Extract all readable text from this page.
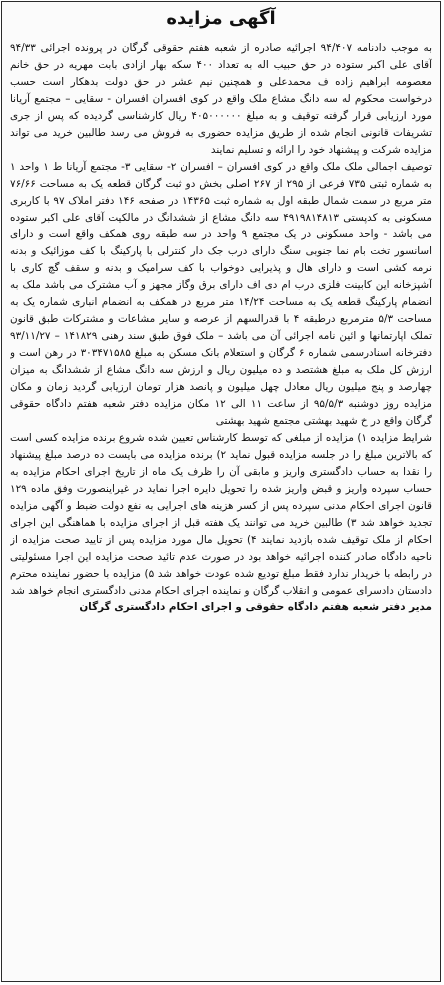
آگهی مزایده

به موجب دادنامه ۹۴/۴۰۷ اجرائیه صادره از شعبه هفتم حقوقی گرگان در پرونده اجرائی ۹۴/۳۳ آقای علی اکبر ستوده در حق حبیب اله به تعداد ۴۰۰ سکه بهار ازادی بابت مهریه در حق خانم معصومه ابراهیم زاده ف محمدعلی و همچنین نیم عشر در حق دولت بدهکار است حسب درخواست محکوم له سه دانگ مشاع ملک واقع در کوی افسران افسران - سقایی – مجتمع آریانا مورد ارزیابی قرار گرفته توقیف و به مبلغ ۴۰۵۰۰۰۰۰۰ ریال کارشناسی گردیده که پس از جری تشریفات قانونی انجام شده از طریق مزایده حضوری به فروش می رسد طالبین خرید می تواند مزایده شرکت و پیشنهاد خود را ارائه و تسلیم نمایند

توصیف اجمالی ملک ملک واقع در کوی افسران – افسران ۲- سقایی ۳- مجتمع آریانا ط ۱ واحد ۱ به شماره ثبتی ۷۳۵ فرعی از ۲۹۵ از ۲۶۷ اصلی بخش دو ثبت گرگان قطعه یک به مساحت ۷۶/۶۶ متر مربع در سمت شمال طبقه اول به شماره ثبت ۱۴۳۶۵ در صفحه ۱۴۶ دفتر املاک ۹۷ با کاربری مسکونی به کدپستی ۴۹۱۹۸۱۴۸۱۳ سه دانگ مشاع از ششدانگ در مالکیت آقای علی اکبر ستوده می باشد - واحد مسکونی در یک مجتمع ۹ واحد در سه طبقه روی همکف واقع است و دارای اسانسور تخت بام نما جنوبی سنگ دارای درب جک دار کنترلی با پارکینگ با کف موزائیک و بدنه نرمه کشی است و دارای هال و پذیرایی دوخواب با کف سرامیک و بدنه و سقف گچ کاری با آشپزخانه این کابینت فلزی درب ام دی اف دارای برق وگاز مجهز و آب مشترک می باشد ملک به انضمام پارکینگ قطعه یک به مساحت ۱۴/۲۴ متر مربع در همکف به انضمام انباری شماره یک به مساحت ۵/۳ مترمربع درطبقه ۴ با قدرالسهم از عرصه و سایر مشاعات و مشترکات طبق قانون تملک اپارتمانها و ائین نامه اجرائی آن می باشد – ملک فوق طبق سند رهنی ۱۴۱۸۲۹ – ۹۳/۱۱/۲۷ دفترخانه اسنادرسمی شماره ۶ گرگان و استعلام بانک مسکن به مبلغ ۳۰۳۴۷۱۵۸۵ در رهن است و ارزش کل ملک به مبلغ هشتصد و ده میلیون ریال و ارزش سه دانگ مشاع از ششدانگ به میزان چهارصد و پنج میلیون ریال معادل چهل میلیون و پانصد هزار تومان ارزیابی گردید زمان و مکان مزایده روز دوشنبه ۹۵/۵/۳ از ساعت ۱۱ الی ۱۲ مکان مزایده دفتر شعبه هفتم دادگاه حقوقی گرگان واقع در خ شهید بهشتی مجتمع شهید بهشتی

شرایط مزایده ۱) مزایده از مبلغی که توسط کارشناس تعیین شده شروع برنده مزایده کسی است که بالاترین مبلغ را در جلسه مزایده قبول نماید ۲) برنده مزایده می بایست ده درصد مبلغ پیشنهاد را نقدا به حساب دادگستری واریز و مابقی آن را ظرف یک ماه از تاریخ اجرای احکام مزایده به حساب سپرده واریز و قبض واریز شده را تحویل دایره اجرا نماید در غیراینصورت وفق ماده ۱۲۹ قانون اجرای احکام مدنی سپرده پس از کسر هزینه های اجرایی به نفع دولت ضبط و آگهی مزایده تجدید خواهد شد ۳) طالبین خرید می توانند یک هفته قبل از اجرای مزایده با هماهنگی این اجرای احکام از ملک توقیف شده بازدید نمایند ۴) تحویل مال مورد مزایده پس از تایید صحت مزایده از ناحیه دادگاه صادر کننده اجرائیه خواهد بود در صورت عدم تائید صحت مزایده این اجرا مسئولیتی در رابطه با خریدار ندارد فقط مبلغ تودیع شده عودت خواهد شد ۵) مزایده با حضور نماینده محترم دادستان دادسرای عمومی و انقلاب گرگان و نماینده اجرای احکام مدنی دادگستری انجام خواهد شد

مدیر دفتر شعبه هفتم دادگاه حقوقی و اجرای احکام دادگستری گرگان
